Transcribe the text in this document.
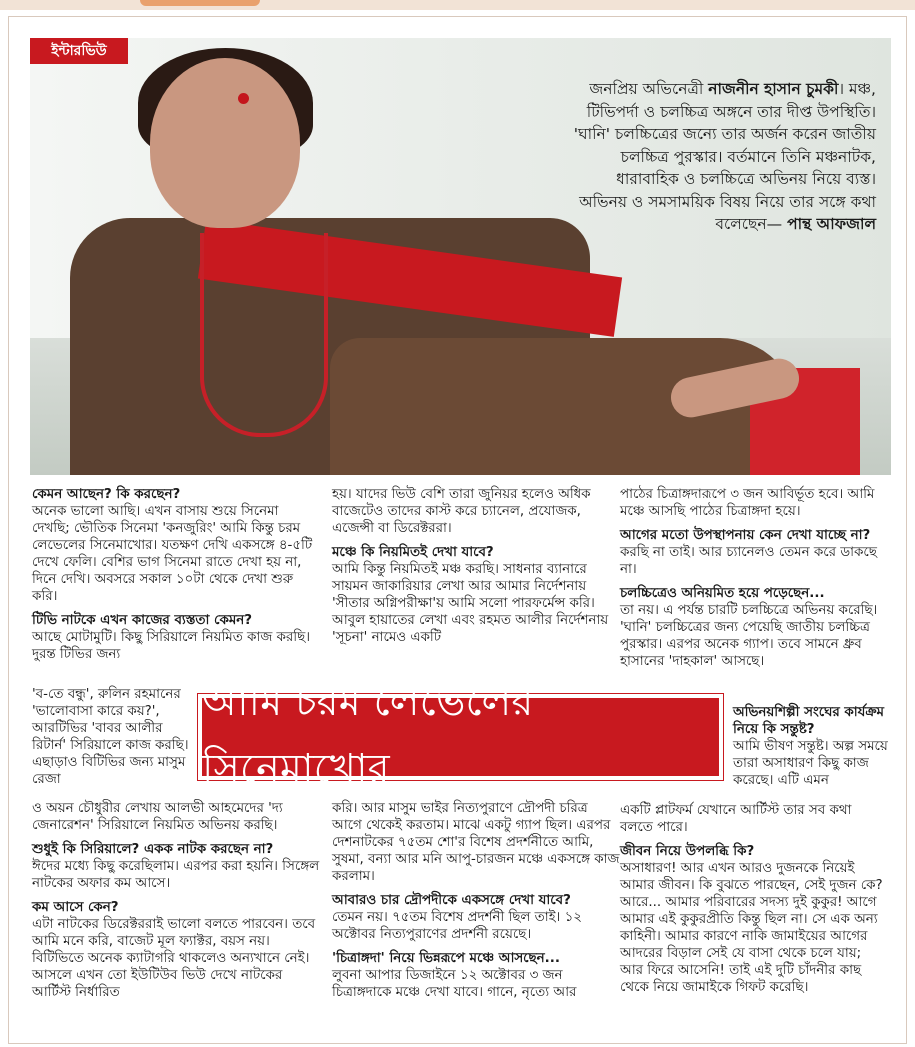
ইন্টারভিউ
জনপ্রিয় অভিনেত্রী নাজনীন হাসান চুমকী। মঞ্চ,
টিভিপর্দা ও চলচ্চিত্র অঙ্গনে তার দীপ্ত উপস্থিতি।
'ঘানি' চলচ্চিত্রের জন্যে তার অর্জন করেন জাতীয়
চলচ্চিত্র পুরস্কার। বর্তমানে তিনি মঞ্চনাটক,
ধারাবাহিক ও চলচ্চিত্রে অভিনয় নিয়ে ব্যস্ত।
অভিনয় ও সমসাময়িক বিষয় নিয়ে তার সঙ্গে কথা
বলেছেন— পান্থ আফজাল

কেমন আছেন? কি করছেন?

অনেক ভালো আছি। এখন বাসায় শুয়ে সিনেমা দেখছি; ভৌতিক সিনেমা 'কনজুরিং' আমি কিন্তু চরম লেভেলের সিনেমাখোর। যতক্ষণ দেখি একসঙ্গে ৪-৫টি দেখে ফেলি। বেশির ভাগ সিনেমা রাতে দেখা হয় না, দিনে দেখি। অবসরে সকাল ১০টা থেকে দেখা শুরু করি।

টিভি নাটকে এখন কাজের ব্যস্ততা কেমন?

আছে মোটামুটি। কিছু সিরিয়ালে নিয়মিত কাজ করছি। দুরন্ত টিভির জন্য

'ব-তে বন্ধু', রুলিন রহমানের 'ভালোবাসা কারে কয়?', আরটিভির 'বাবর আলীর রিটার্ন' সিরিয়ালে কাজ করছি। এছাড়াও বিটিভির জন্য মাসুম রেজা

ও অয়ন চৌধুরীর লেখায় আলভী আহমেদের 'দ্য জেনারেশন' সিরিয়ালে নিয়মিত অভিনয় করছি।

শুধুই কি সিরিয়ালে? একক নাটক করছেন না?

ঈদের মধ্যে কিছু করেছিলাম। এরপর করা হয়নি। সিঙ্গেল নাটকের অফার কম আসে।

কম আসে কেন?

এটা নাটকের ডিরেক্টররাই ভালো বলতে পারবেন। তবে আমি মনে করি, বাজেট মূল ফ্যাক্টর, বয়স নয়। বিটিভিতে অনেক ক্যাটাগরি থাকলেও অন্যখানে নেই। আসলে এখন তো ইউটিউব ভিউ দেখে নাটকের আর্টিস্ট নির্ধারিত

হয়। যাদের ভিউ বেশি তারা জুনিয়র হলেও অধিক বাজেটেও তাদের কাস্ট করে চ্যানেল, প্রযোজক, এজেন্সী বা ডিরেক্টররা।

মঞ্চে কি নিয়মিতই দেখা যাবে?

আমি কিন্তু নিয়মিতই মঞ্চ করছি। সাধনার ব্যানারে সায়মন জাকারিয়ার লেখা আর আমার নির্দেশনায় 'সীতার অগ্নিপরীক্ষা'য় আমি সলো পারফর্মেন্স করি। আবুল হায়াতের লেখা এবং রহমত আলীর নির্দেশনায় 'সূচনা' নামেও একটি

করি। আর মাসুম ভাইর নিত্যপুরাণে দ্রৌপদী চরিত্র আগে থেকেই করতাম। মাঝে একটু গ্যাপ ছিল। এরপর দেশনাটকের ৭৫তম শো'র বিশেষ প্রদর্শনীতে আমি, সুষমা, বন্যা আর মনি আপু-চারজন মঞ্চে একসঙ্গে কাজ করলাম।

আবারও চার দ্রৌপদীকে একসঙ্গে দেখা যাবে?

তেমন নয়। ৭৫তম বিশেষ প্রদর্শনী ছিল তাই। ১২ অক্টোবর নিত্যপুরাণের প্রদর্শনী রয়েছে।

'চিত্রাঙ্গদা' নিয়ে ভিন্নরূপে মঞ্চে আসছেন...

লুবনা আপার ডিজাইনে ১২ অক্টোবর ৩ জন চিত্রাঙ্গদাকে মঞ্চে দেখা যাবে। গানে, নৃত্যে আর

পাঠের চিত্রাঙ্গদারূপে ৩ জন আবির্ভূত হবে। আমি মঞ্চে আসছি পাঠের চিত্রাঙ্গদা হয়ে।

আগের মতো উপস্থাপনায় কেন দেখা যাচ্ছে না?

করছি না তাই। আর চ্যানেলও তেমন করে ডাকছে না।

চলচ্চিত্রেও অনিয়মিত হয়ে পড়েছেন...

তা নয়। এ পর্যন্ত চারটি চলচ্চিত্রে অভিনয় করেছি। 'ঘানি' চলচ্চিত্রের জন্য পেয়েছি জাতীয় চলচ্চিত্র পুরস্কার। এরপর অনেক গ্যাপ। তবে সামনে ধ্রুব হাসানের 'দাহকাল' আসছে।

অভিনয়শিল্পী সংঘের কার্যক্রম নিয়ে কি সন্তুষ্ট?

আমি ভীষণ সন্তুষ্ট। অল্প সময়ে তারা অসাধারণ কিছু কাজ করেছে। এটি এমন

একটি প্লাটফর্ম যেখানে আর্টিস্ট তার সব কথা বলতে পারে।

জীবন নিয়ে উপলব্ধি কি?

অসাধারণ! আর এখন আরও দুজনকে নিয়েই আমার জীবন। কি বুঝতে পারছেন, সেই দুজন কে? আরে... আমার পরিবারের সদস্য দুই কুকুর! আগে আমার এই কুকুরপ্রীতি কিন্তু ছিল না। সে এক অন্য কাহিনী। আমার কারণে নাকি জামাইয়ের আগের আদরের বিড়াল সেই যে বাসা থেকে চলে যায়; আর ফিরে আসেনি! তাই এই দুটি চাঁদনীর কাছ থেকে নিয়ে জামাইকে গিফট করেছি।

আমি চরম লেভেলের সিনেমাখোর
